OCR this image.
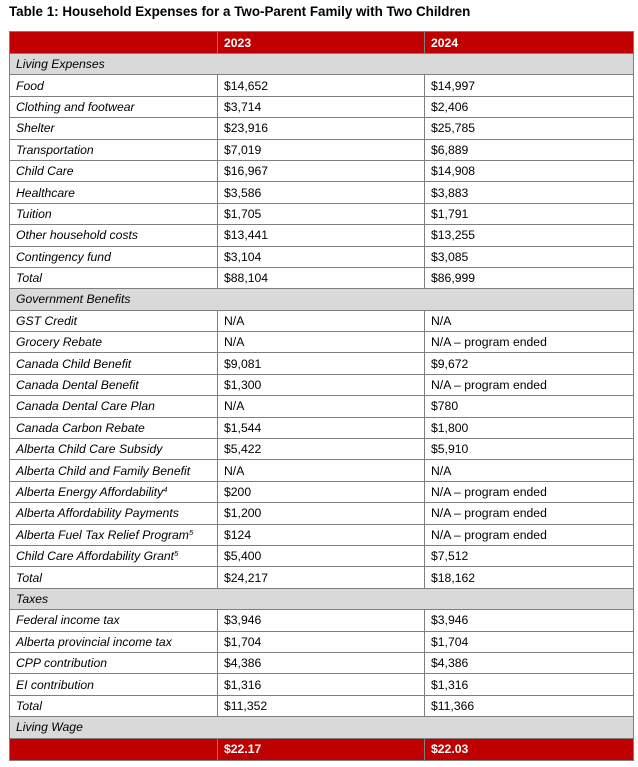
Table 1: Household Expenses for a Two-Parent Family with Two Children
	2023	2024
Living Expenses		
Food	$14,652	$14,997
Clothing and footwear	$3,714	$2,406
Shelter	$23,916	$25,785
Transportation	$7,019	$6,889
Child Care	$16,967	$14,908
Healthcare	$3,586	$3,883
Tuition	$1,705	$1,791
Other household costs	$13,441	$13,255
Contingency fund	$3,104	$3,085
Total	$88,104	$86,999
Government Benefits		
GST Credit	N/A	N/A
Grocery Rebate	N/A	N/A – program ended
Canada Child Benefit	$9,081	$9,672
Canada Dental Benefit	$1,300	N/A – program ended
Canada Dental Care Plan	N/A	$780
Canada Carbon Rebate	$1,544	$1,800
Alberta Child Care Subsidy	$5,422	$5,910
Alberta Child and Family Benefit	N/A	N/A
Alberta Energy Affordability$^4$	$200	N/A – program ended
Alberta Affordability Payments	$1,200	N/A – program ended
Alberta Fuel Tax Relief Program$^5$	$124	N/A – program ended
Child Care Affordability Grant$^5$	$5,400	$7,512
Total	$24,217	$18,162
Taxes		
Federal income tax	$3,946	$3,946
Alberta provincial income tax	$1,704	$1,704
CPP contribution	$4,386	$4,386
EI contribution	$1,316	$1,316
Total	$11,352	$11,366
Living Wage		
	$22.17	$22.03
